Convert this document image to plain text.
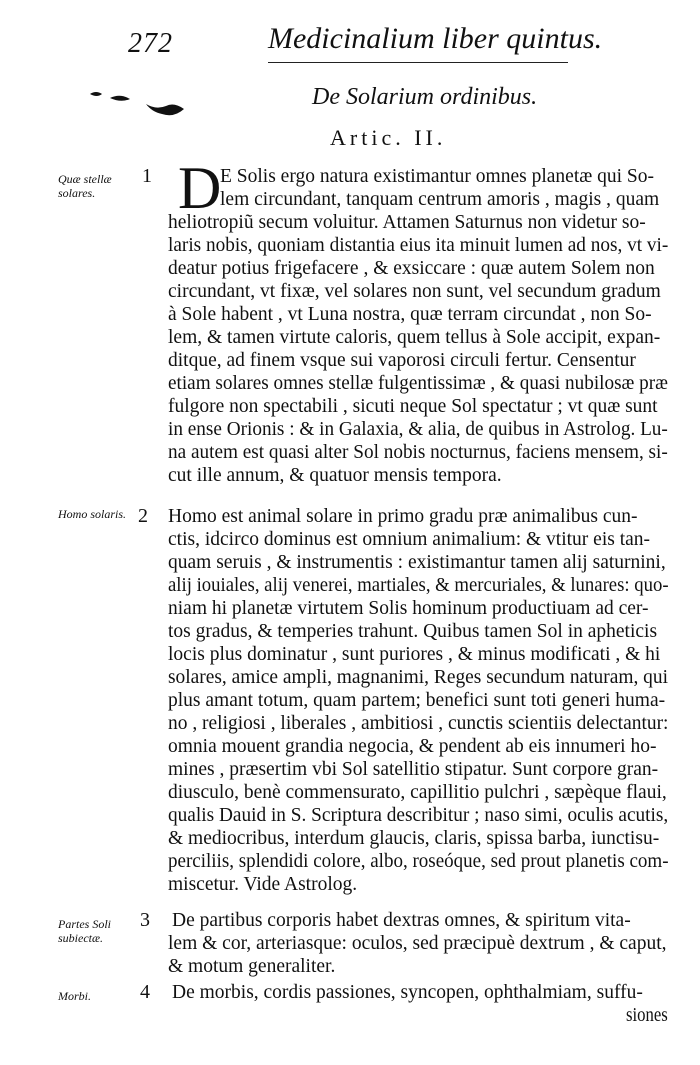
272	Medicinalium liber quintus.
De Solarium ordinibus.
Artic. II.
Quæ stellæ solares.
Homo solaris.
Partes Soli subiectæ.
Morbi.
1
2
3
4
D
E Solis ergo natura existimantur omnes planetæ qui So-
lem circundant, tanquam centrum amoris , magis , quam
heliotropiũ secum voluitur. Attamen Saturnus non videtur so-
laris nobis, quoniam distantia eius ita minuit lumen ad nos, vt vi-
deatur potius frigefacere , & exsiccare : quæ autem Solem non
circundant, vt fixæ, vel solares non sunt, vel secundum gradum
à Sole habent , vt Luna nostra, quæ terram circundat , non So-
lem, & tamen virtute caloris, quem tellus à Sole accipit, expan-
ditque, ad finem vsque sui vaporosi circuli fertur. Censentur
etiam solares omnes stellæ fulgentissimæ , & quasi nubilosæ præ
fulgore non spectabili , sicuti neque Sol spectatur ; vt quæ sunt
in ense Orionis : & in Galaxia, & alia, de quibus in Astrolog. Lu-
na autem est quasi alter Sol nobis nocturnus, faciens mensem, si-
cut ille annum, & quatuor mensis tempora.
Homo est animal solare in primo gradu præ animalibus cun-
ctis, idcirco dominus est omnium animalium: & vtitur eis tan-
quam seruis , & instrumentis : existimantur tamen alij saturnini,
alij iouiales, alij venerei, martiales, & mercuriales, & lunares: quo-
niam hi planetæ virtutem Solis hominum productiuam ad cer-
tos gradus, & temperies trahunt. Quibus tamen Sol in apheticis
locis plus dominatur , sunt puriores , & minus modificati , & hi
solares, amice ampli, magnanimi, Reges secundum naturam, qui
plus amant totum, quam partem; benefici sunt toti generi huma-
no , religiosi , liberales , ambitiosi , cunctis scientiis delectantur:
omnia mouent grandia negocia, & pendent ab eis innumeri ho-
mines , præsertim vbi Sol satellitio stipatur. Sunt corpore gran-
diusculo, benè commensurato, capillitio pulchri , sæpèque flaui,
qualis Dauid in S. Scriptura describitur ; naso simi, oculis acutis,
& mediocribus, interdum glaucis, claris, spissa barba, iunctisu-
perciliis, splendidi colore, albo, roseóque, sed prout planetis com-
miscetur. Vide Astrolog.
De partibus corporis habet dextras omnes, & spiritum vita-
lem & cor, arteriasque: oculos, sed præcipuè dextrum , & caput,
& motum generaliter.
De morbis, cordis passiones, syncopen, ophthalmiam, suffu-
siones
